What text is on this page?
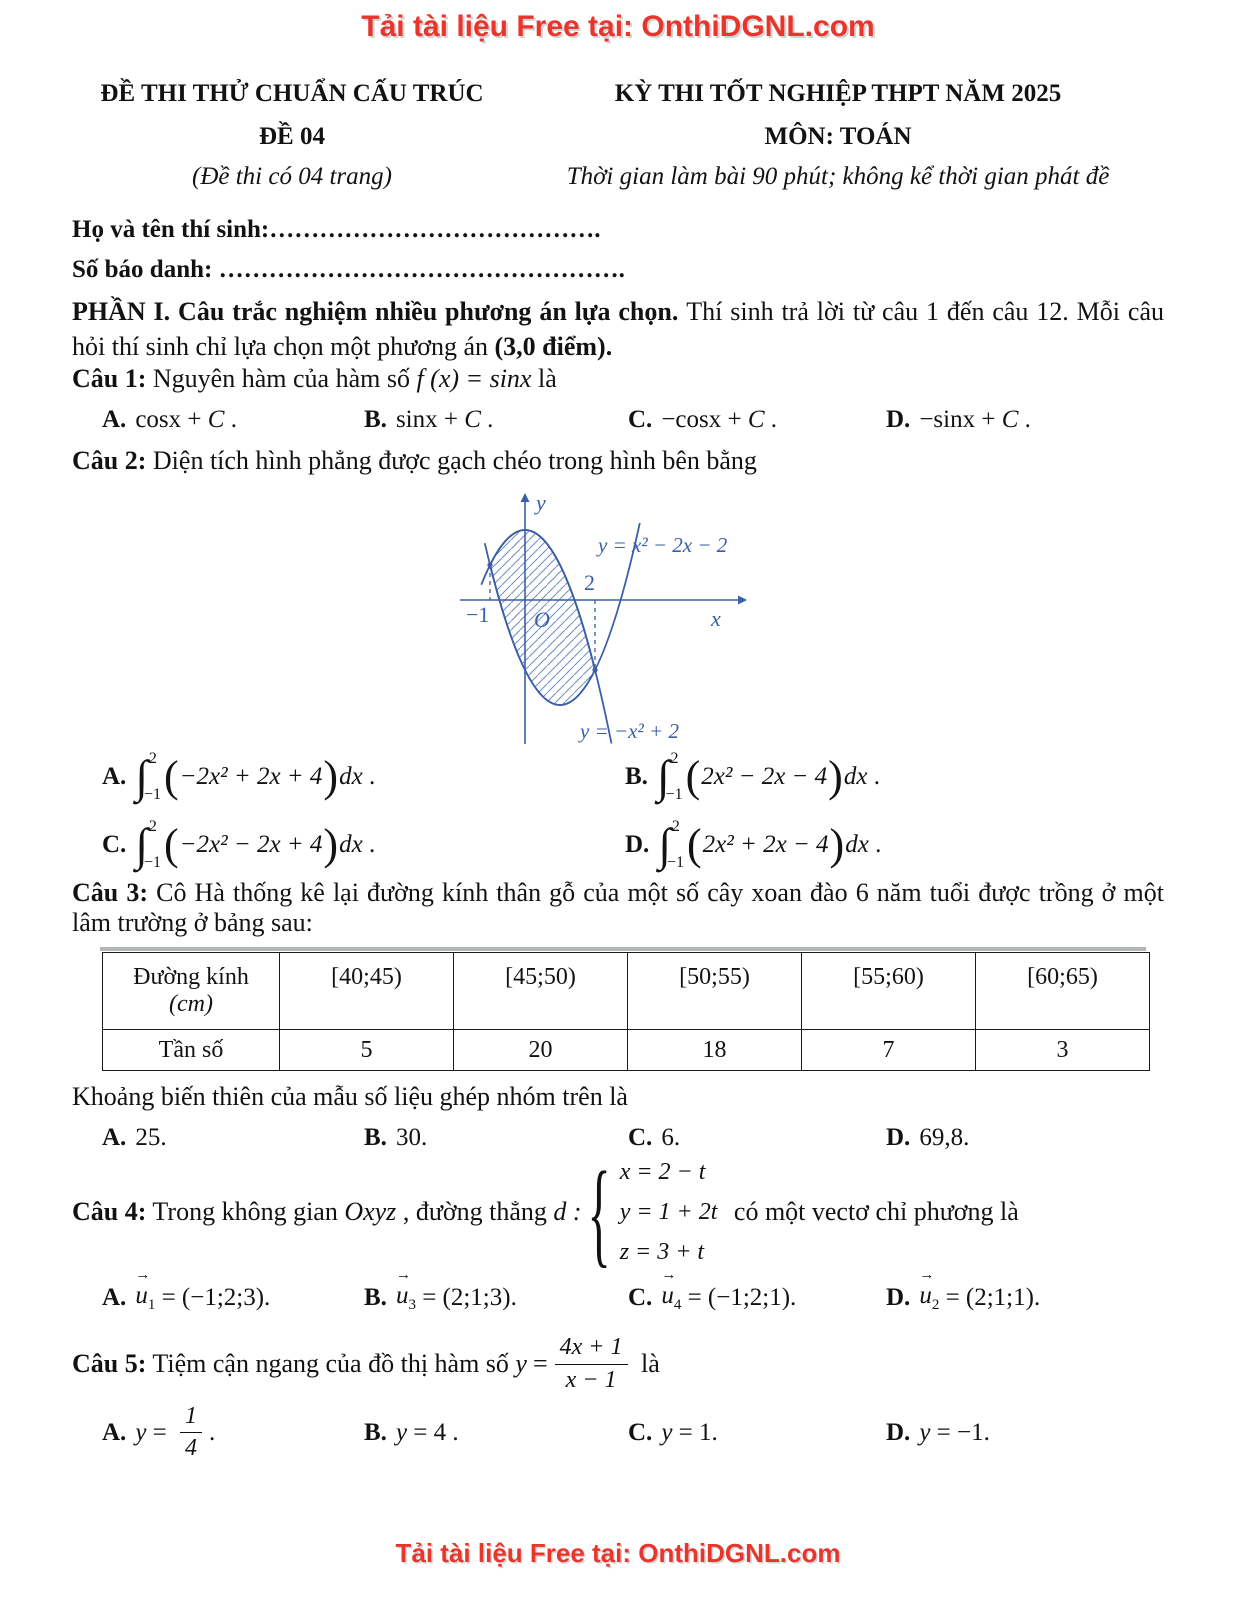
Tải tài liệu Free tại: OnthiDGNL.com
ĐỀ THI THỬ CHUẨN CẤU TRÚC
ĐỀ 04
(Đề thi có 04 trang)
KỲ THI TỐT NGHIỆP THPT NĂM 2025
MÔN: TOÁN
Thời gian làm bài 90 phút; không kể thời gian phát đề
Họ và tên thí sinh:………………………………….
Số báo danh: ………………………………………….
PHẦN I. Câu trắc nghiệm nhiều phương án lựa chọn. Thí sinh trả lời từ câu 1 đến câu 12. Mỗi câu hỏi thí sinh chỉ lựa chọn một phương án (3,0 điểm).
Câu 1: Nguyên hàm của hàm số f (x) = sinx là
A. cosx + C .	B. sinx + C .	C. −cosx + C .	D. −sinx + C .
Câu 2: Diện tích hình phẳng được gạch chéo trong hình bên bằng
y
x
O
−1
2
y = x² − 2x − 2
y = −x² + 2
A. ∫ 2
−1 ( −2x² + 2x + 4 ) dx .	B. ∫ 2
−1 ( 2x² − 2x − 4 ) dx .
C. ∫ 2
−1 ( −2x² − 2x + 4 ) dx .	D. ∫ 2
−1 ( 2x² + 2x − 4 ) dx .
Câu 3: Cô Hà thống kê lại đường kính thân gỗ của một số cây xoan đào 6 năm tuổi được trồng ở một lâm trường ở bảng sau:
Đường kính
(cm)	[40;45)	[45;50)	[50;55)	[55;60)	[60;65)

Tần số	5	20	18	7	3
Khoảng biến thiên của mẫu số liệu ghép nhóm trên là
A. 25.	B. 30.	C. 6.	D. 69,8.
Câu 4: Trong không gian Oxyz , đường thẳng d : { x = 2 − t
y = 1 + 2t
z = 3 + t
có một vectơ chỉ phương là
A.
→
$u_1$ = (−1;2;3).	B.
→
$u_3$ = (2;1;3).	C.
→
$u_4$ = (−1;2;1).	D.
→
$u_2$ = (2;1;1).
Câu 5: Tiệm cận ngang của đồ thị hàm số $y = \frac{4x + 1}{x - 1}$ là
A. $y = \frac{1}{4}$ .	B. y = 4 .	C. y = 1.	D. y = −1.
Tải tài liệu Free tại: OnthiDGNL.com
